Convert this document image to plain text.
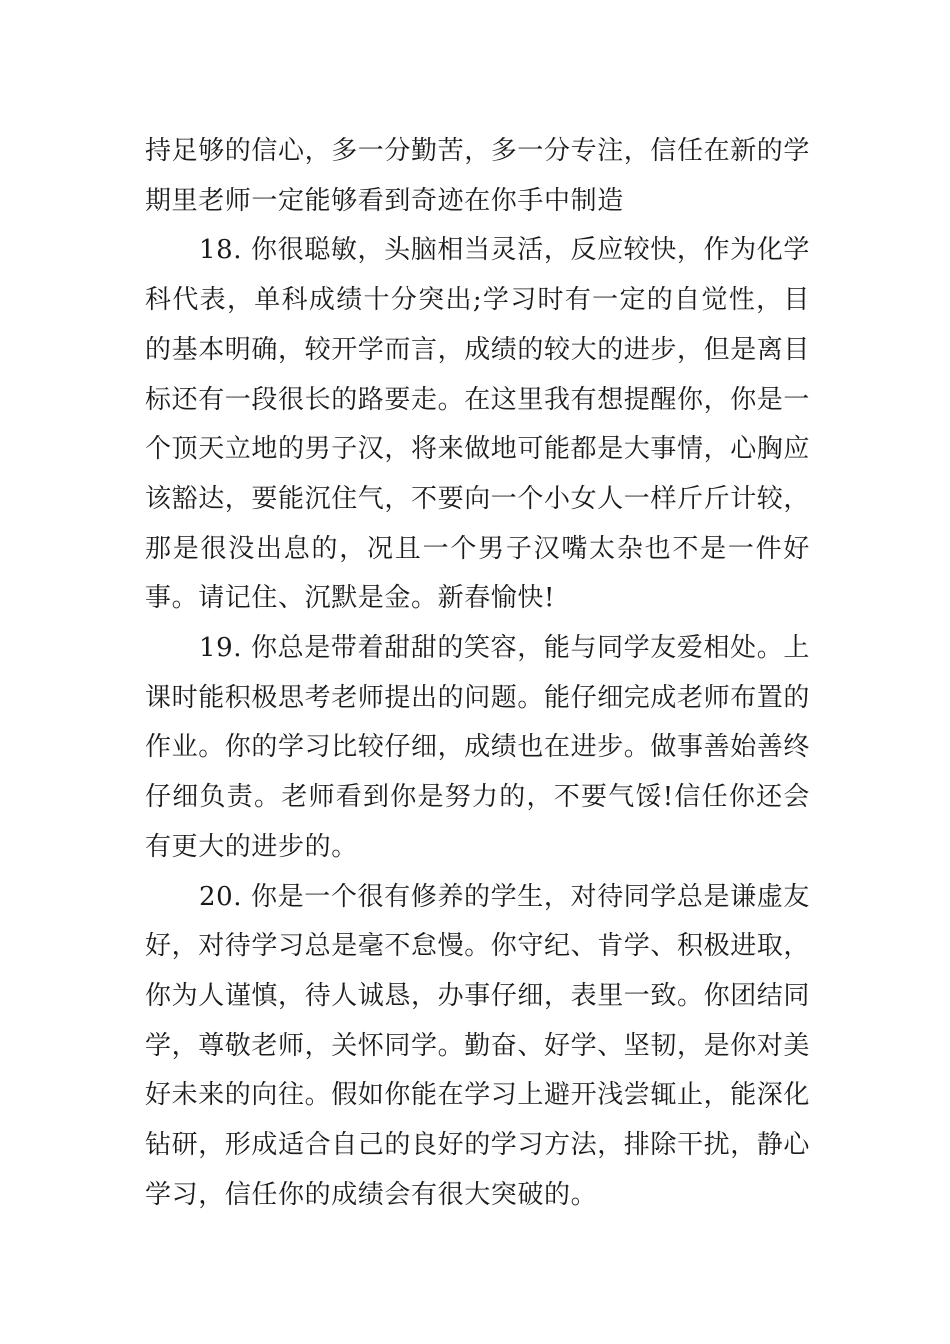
持足够的信心，多一分勤苦，多一分专注，信任在新的学期里老师一定能够看到奇迹在你手中制造

18. 你很聪敏，头脑相当灵活，反应较快，作为化学科代表，单科成绩十分突出;学习时有一定的自觉性，目的基本明确，较开学而言，成绩的较大的进步，但是离目标还有一段很长的路要走。在这里我有想提醒你，你是一个顶天立地的男子汉，将来做地可能都是大事情，心胸应该豁达，要能沉住气，不要向一个小女人一样斤斤计较，那是很没出息的，况且一个男子汉嘴太杂也不是一件好事。请记住、沉默是金。新春愉快!

19. 你总是带着甜甜的笑容，能与同学友爱相处。上课时能积极思考老师提出的问题。能仔细完成老师布置的作业。你的学习比较仔细，成绩也在进步。做事善始善终仔细负责。老师看到你是努力的，不要气馁!信任你还会有更大的进步的。

20. 你是一个很有修养的学生，对待同学总是谦虚友好，对待学习总是毫不怠慢。你守纪、肯学、积极进取，你为人谨慎，待人诚恳，办事仔细，表里一致。你团结同学，尊敬老师，关怀同学。勤奋、好学、坚韧，是你对美好未来的向往。假如你能在学习上避开浅尝辄止，能深化钻研，形成适合自己的良好的学习方法，排除干扰，静心学习，信任你的成绩会有很大突破的。
